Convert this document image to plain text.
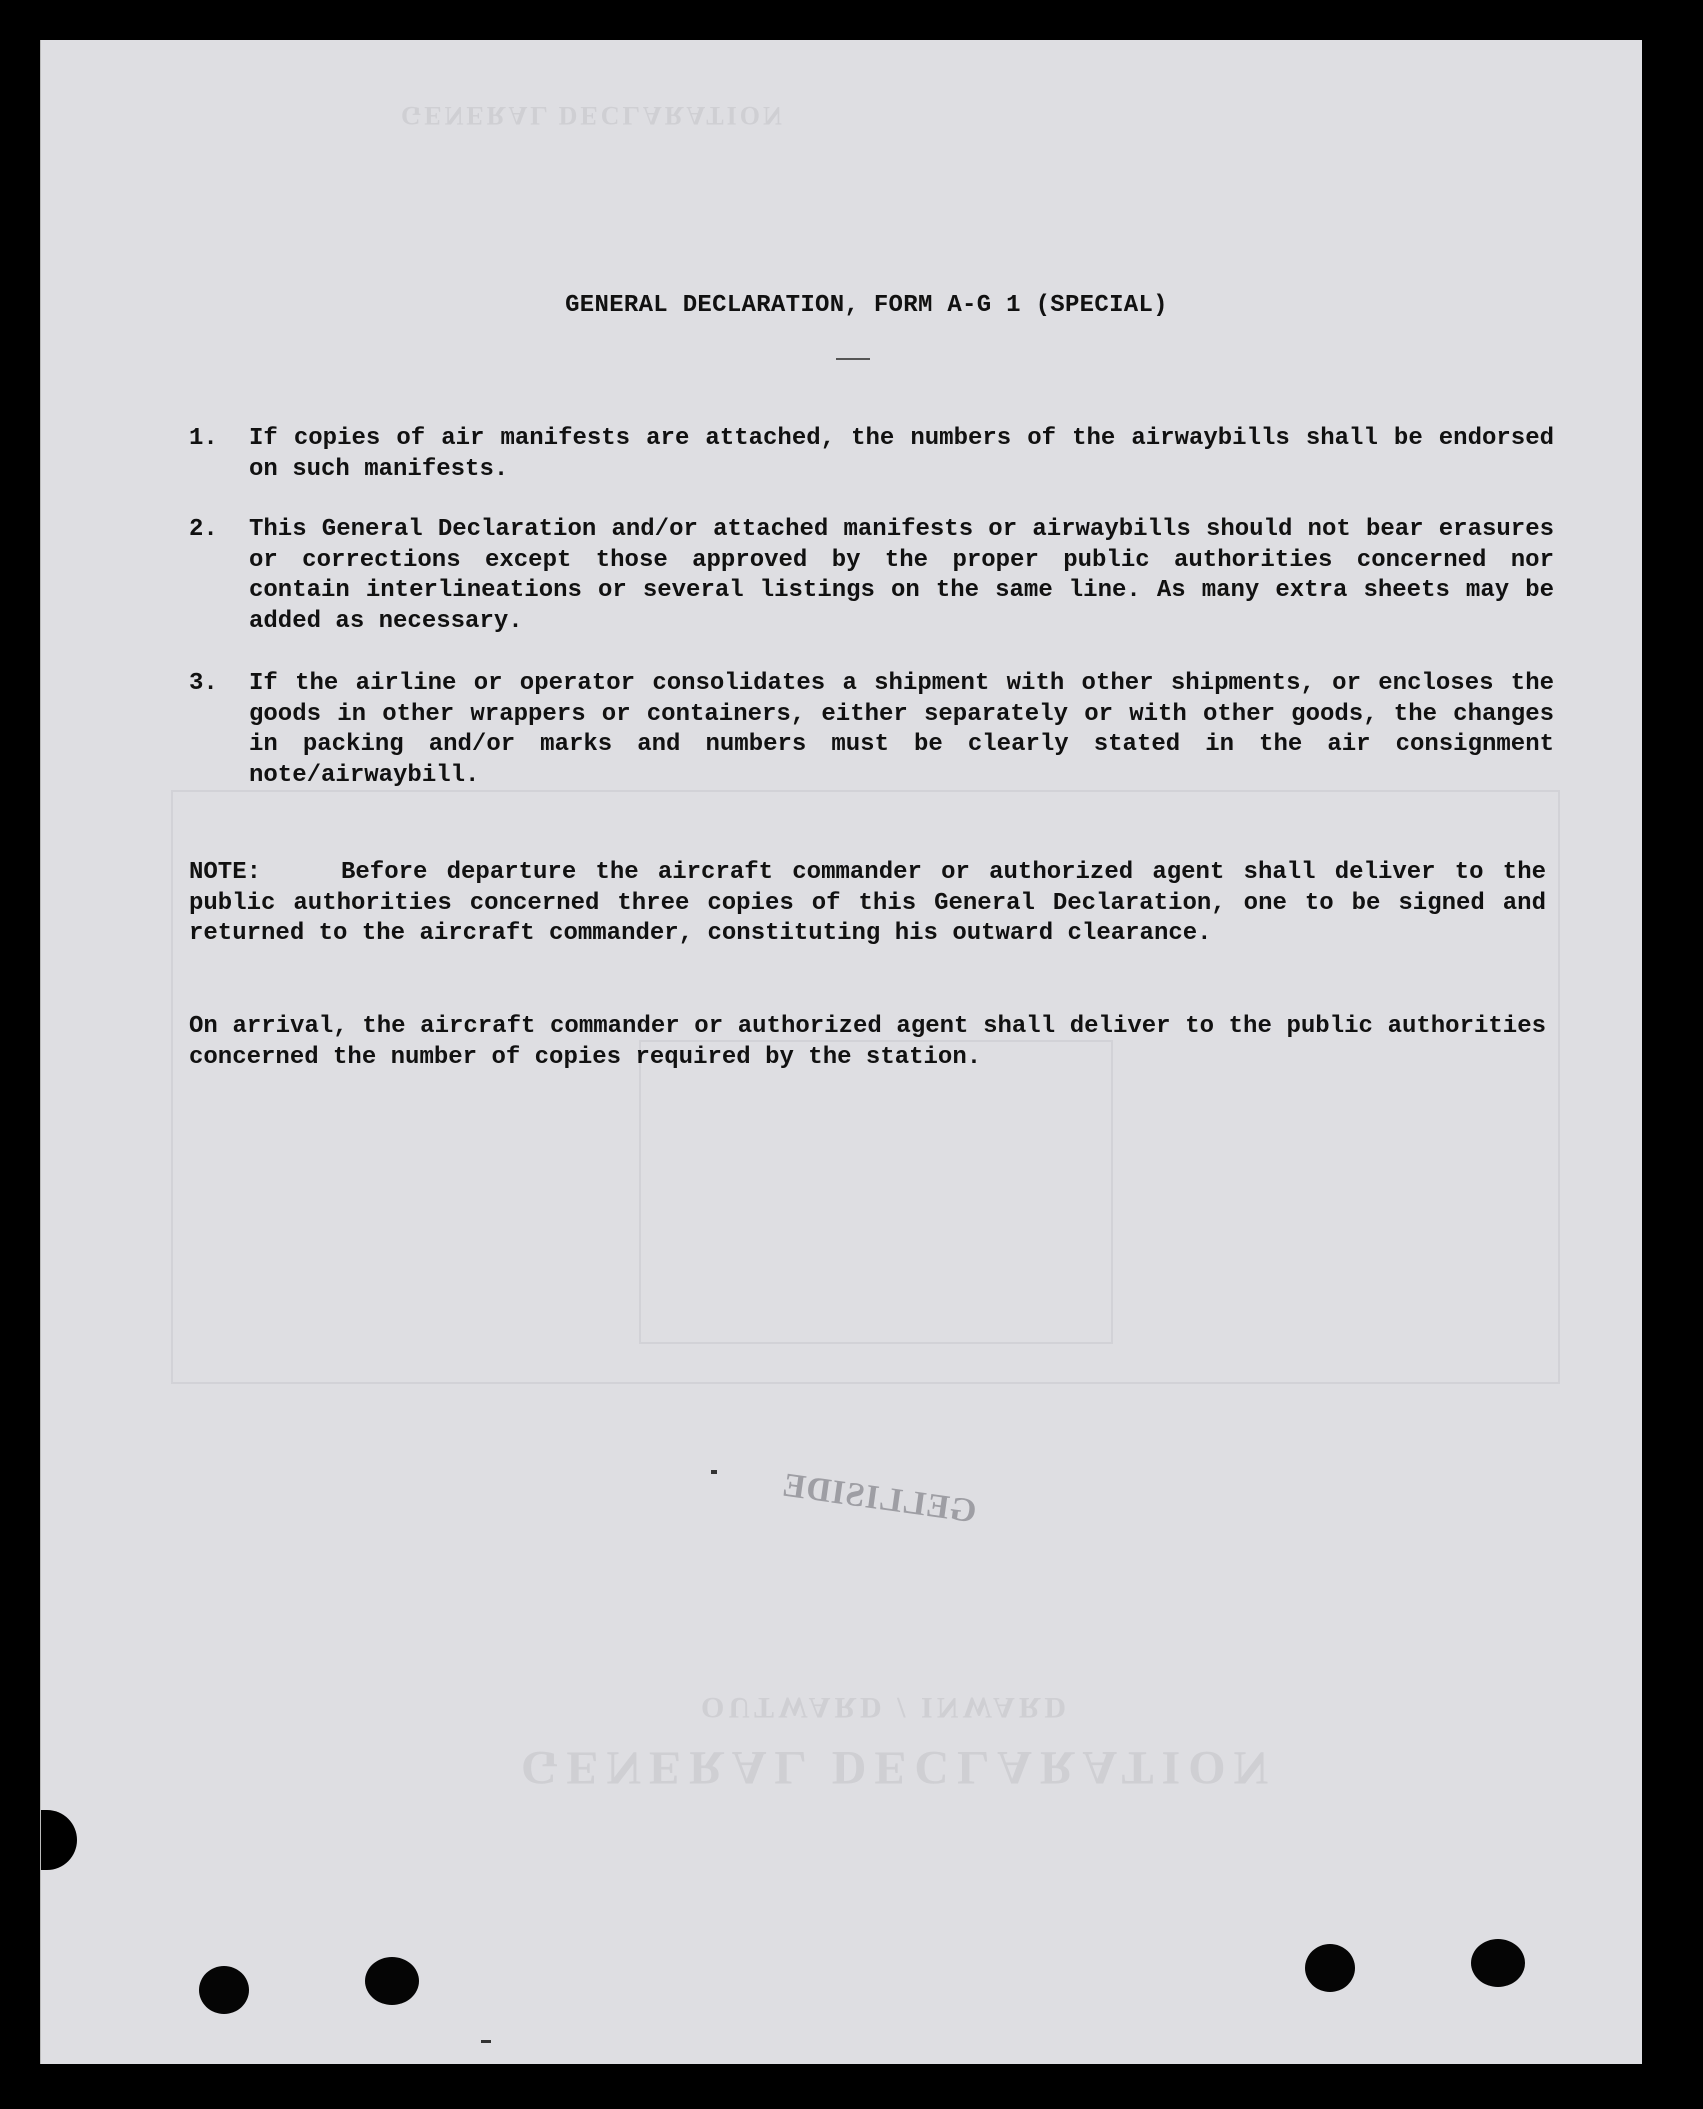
GENERAL DECLARATION
OUTWARD / INWARD
GENERAL DECLARATION
GENERAL DECLARATION, FORM A-G 1 (SPECIAL)
1. If copies of air manifests are attached, the numbers of the airwaybills shall be endorsed on such manifests.
2. This General Declaration and/or attached manifests or airwaybills should not bear erasures or corrections except those approved by the proper public authorities concerned nor contain interlineations or several listings on the same line. As many extra sheets may be added as necessary.
3. If the airline or operator consolidates a shipment with other shipments, or encloses the goods in other wrappers or containers, either separately or with other goods, the changes in packing and/or marks and numbers must be clearly stated in the air consignment note/airwaybill.
NOTE:	Before departure the aircraft commander or authorized agent shall deliver to the public authorities concerned three copies of this General Declaration, one to be signed and returned to the aircraft commander, constituting his outward clearance.
On arrival, the aircraft commander or authorized agent shall deliver to the public authorities concerned the number of copies required by the station.
GELLISIDE
